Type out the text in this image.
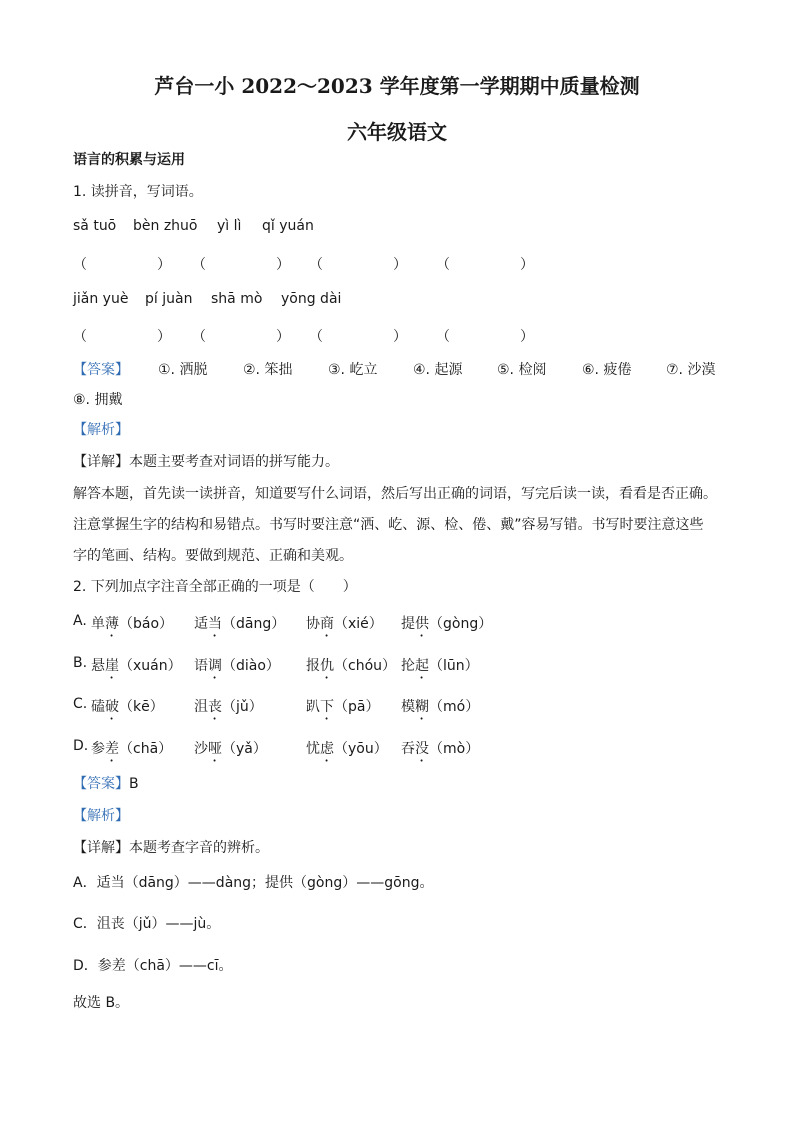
芦台一小 2022～2023 学年度第一学期期中质量检测
六年级语文
语言的积累与运用
1. 读拼音，写词语。
sǎ tuō bèn zhuō yì lì qǐ yuán
（　　　　　） （　　　　　） （　　　　　） （　　　　　）
jiǎn yuè pí juàn shā mò yōng dài
（　　　　　） （　　　　　） （　　　　　） （　　　　　）
【答案】 ①. 洒脱	②. 笨拙	③. 屹立	④. 起源 ⑤. 检阅	⑥. 疲倦 ⑦. 沙漠
⑧. 拥戴
【解析】
【详解】本题主要考查对词语的拼写能力。
解答本题，首先读一读拼音，知道要写什么词语，然后写出正确的词语，写完后读一读，看看是否正确。
注意掌握生字的结构和易错点。书写时要注意“洒、屹、源、检、倦、戴”容易写错。书写时要注意这些
字的笔画、结构。要做到规范、正确和美观。
2. 下列加点字注音全部正确的一项是（　　）
A. 单薄（báo） 适当（dāng） 协商（xié） 提供（gòng）
B. 悬崖（xuán） 语调（diào） 报仇（chóu） 抡起（lūn）
C. 磕破（kē） 沮丧（jǔ）	趴下（pā） 模糊（mó）
D. 参差（chā） 沙哑（yǎ）	忧虑（yōu） 吞没（mò）
【答案】B
【解析】
【详解】本题考查字音的辨析。
A．适当（dāng）——dàng；提供（gòng）——gōng。
C．沮丧（jǔ）——jù。
D．参差（chā）——cī。
故选 B。
